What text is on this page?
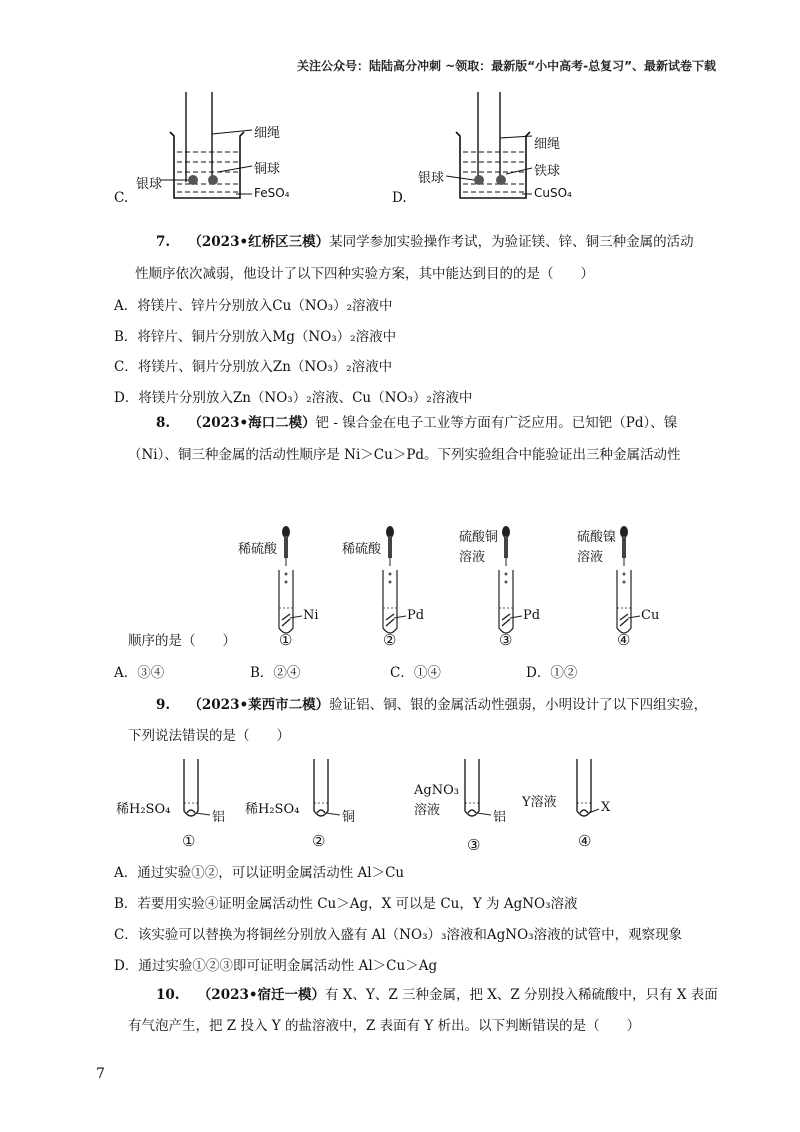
关注公众号：陆陆高分冲刺 ~领取：最新版“小中高考-总复习”、最新试卷下载
C.
细绳
铜球
银球
FeSO₄	D.
细绳
铁球
银球
CuSO₄
7. （2023•红桥区三模）某同学参加实验操作考试，为验证镁、锌、铜三种金属的活动
性顺序依次减弱，他设计了以下四种实验方案，其中能达到目的的是（　　）
A．将镁片、锌片分别放入Cu（NO₃）₂溶液中
B．将锌片、铜片分别放入Mg（NO₃）₂溶液中
C．将镁片、铜片分别放入Zn（NO₃）₂溶液中
D．将镁片分别放入Zn（NO₃）₂溶液、Cu（NO₃）₂溶液中
8. （2023•海口二模）钯 - 镍合金在电子工业等方面有广泛应用。已知钯（Pd）、镍
（Ni）、铜三种金属的活动性顺序是 Ni＞Cu＞Pd。下列实验组合中能验证出三种金属活动性
稀硫酸	稀硫酸
硫酸铜
溶液
硫酸镍
溶液
Ni	Pd	Pd	Cu
①	②	③	④
顺序的是（　　）
A．③④	B．②④	C．①④	D．①②
9. （2023•莱西市二模）验证铝、铜、银的金属活动性强弱，小明设计了以下四组实验，
下列说法错误的是（　　）
稀H₂SO₄	稀H₂SO₄
AgNO₃
溶液
Y溶液
铝	铜	铝
X
①	②	③	④
A．通过实验①②，可以证明金属活动性 Al＞Cu
B．若要用实验④证明金属活动性 Cu＞Ag，X 可以是 Cu，Y 为 AgNO₃溶液
C．该实验可以替换为将铜丝分别放入盛有 Al（NO₃）₃溶液和AgNO₃溶液的试管中，观察现象
D．通过实验①②③即可证明金属活动性 Al＞Cu＞Ag
10. （2023•宿迁一模）有 X、Y、Z 三种金属，把 X、Z 分别投入稀硫酸中，只有 X 表面
有气泡产生，把 Z 投入 Y 的盐溶液中，Z 表面有 Y 析出。以下判断错误的是（　　）
7
